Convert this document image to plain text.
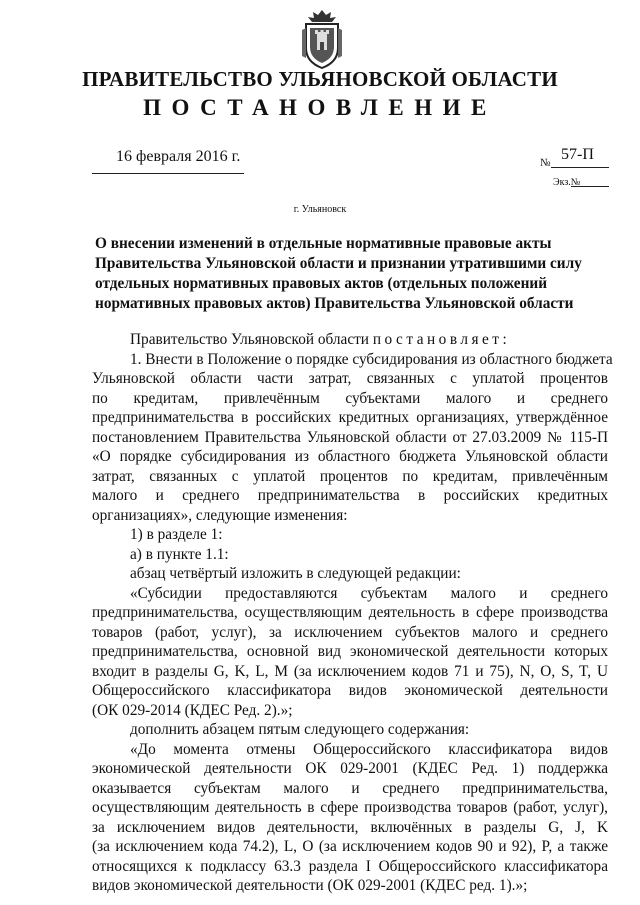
ПРАВИТЕЛЬСТВО УЛЬЯНОВСКОЙ ОБЛАСТИ
ПОСТАНОВЛЕНИЕ
16 февраля 2016 г.	№ 57-П
Экз.№
г. Ульяновск
О внесении изменений в отдельные нормативные правовые акты
Правительства Ульяновской области и признании утратившими силу
отдельных нормативных правовых актов (отдельных положений
нормативных правовых актов) Правительства Ульяновской области
Правительство Ульяновской области постановляет:
1. Внести в Положение о порядке субсидирования из областного бюджета
Ульяновской области части затрат, связанных с уплатой процентов
по кредитам, привлечённым субъектами малого и среднего
предпринимательства в российских кредитных организациях, утверждённое
постановлением Правительства Ульяновской области от 27.03.2009 № 115-П
«О порядке субсидирования из областного бюджета Ульяновской области
затрат, связанных с уплатой процентов по кредитам, привлечённым
малого и среднего предпринимательства в российских кредитных
организациях», следующие изменения:
1) в разделе 1:
а) в пункте 1.1:
абзац четвёртый изложить в следующей редакции:
«Субсидии предоставляются субъектам малого и среднего
предпринимательства, осуществляющим деятельность в сфере производства
товаров (работ, услуг), за исключением субъектов малого и среднего
предпринимательства, основной вид экономической деятельности которых
входит в разделы G, K, L, M (за исключением кодов 71 и 75), N, O, S, T, U
Общероссийского классификатора видов экономической деятельности
(ОК 029-2014 (КДЕС Ред. 2).»;
дополнить абзацем пятым следующего содержания:
«До момента отмены Общероссийского классификатора видов
экономической деятельности ОК 029-2001 (КДЕС Ред. 1) поддержка
оказывается субъектам малого и среднего предпринимательства,
осуществляющим деятельность в сфере производства товаров (работ, услуг),
за исключением видов деятельности, включённых в разделы G, J, K
(за исключением кода 74.2), L, O (за исключением кодов 90 и 92), P, а также
относящихся к подклассу 63.3 раздела I Общероссийского классификатора
видов экономической деятельности (ОК 029-2001 (КДЕС ред. 1).»;
